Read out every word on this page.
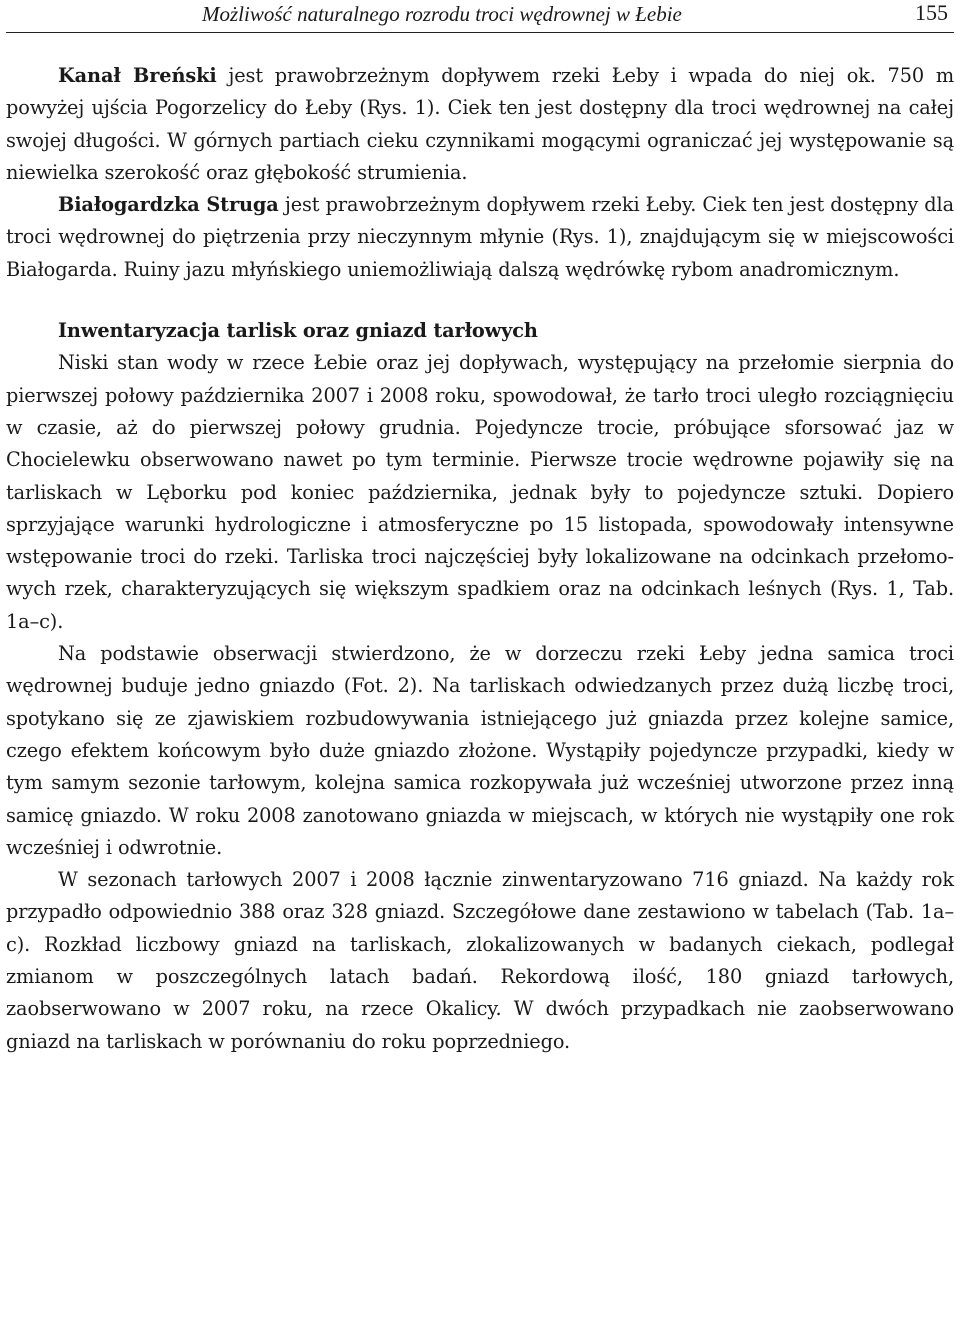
Możliwość naturalnego rozrodu troci wędrownej w Łebie	155

Kanał Breński jest prawobrzeżnym dopływem rzeki Łeby i wpada do niej ok. 750 m powyżej ujścia Pogorzelicy do Łeby (Rys. 1). Ciek ten jest dostępny dla troci wędrownej na całej swojej długości. W górnych partiach cieku czynnikami mogącymi ograniczać jej występowanie są niewielka szerokość oraz głębokość strumienia.

Białogardzka Struga jest prawobrzeżnym dopływem rzeki Łeby. Ciek ten jest dostępny dla troci wędrownej do piętrzenia przy nieczynnym młynie (Rys. 1), znajdującym się w miejscowości Białogarda. Ruiny jazu młyńskiego uniemożliwiają dalszą wędrówkę rybom anadromicznym.

Inwentaryzacja tarlisk oraz gniazd tarłowych

Niski stan wody w rzece Łebie oraz jej dopływach, występujący na przełomie sierpnia do pierwszej połowy października 2007 i 2008 roku, spowodował, że tarło troci uległo rozciągnięciu w czasie, aż do pierwszej połowy grudnia. Pojedyncze trocie, próbujące sforsować jaz w Chocielewku obserwowano nawet po tym terminie. Pierwsze trocie wędrowne pojawiły się na tarliskach w Lęborku pod koniec października, jednak były to pojedyncze sztuki. Dopiero sprzyjające warunki hydrologiczne i atmosferyczne po 15 listopada, spowodowały intensywne wstępowanie troci do rzeki. Tarliska troci najczęściej były lokalizowane na odcinkach przełomowych rzek, charakteryzujących się większym spadkiem oraz na odcinkach leśnych (Rys. 1, Tab. 1a–c).

Na podstawie obserwacji stwierdzono, że w dorzeczu rzeki Łeby jedna samica troci wędrownej buduje jedno gniazdo (Fot. 2). Na tarliskach odwiedzanych przez dużą liczbę troci, spotykano się ze zjawiskiem rozbudowywania istniejącego już gniazda przez kolejne samice, czego efektem końcowym było duże gniazdo złożone. Wystąpiły pojedyncze przypadki, kiedy w tym samym sezonie tarłowym, kolejna samica rozkopywała już wcześniej utworzone przez inną samicę gniazdo. W roku 2008 zanotowano gniazda w miejscach, w których nie wystąpiły one rok wcześniej i odwrotnie.

W sezonach tarłowych 2007 i 2008 łącznie zinwentaryzowano 716 gniazd. Na każdy rok przypadło odpowiednio 388 oraz 328 gniazd. Szczegółowe dane zestawiono w tabelach (Tab. 1a–c). Rozkład liczbowy gniazd na tarliskach, zlokalizowanych w badanych ciekach, podlegał zmianom w poszczególnych latach badań. Rekordową ilość, 180 gniazd tarłowych, zaobserwowano w 2007 roku, na rzece Okalicy. W dwóch przypadkach nie zaobserwowano gniazd na tarliskach w porównaniu do roku poprzedniego.
